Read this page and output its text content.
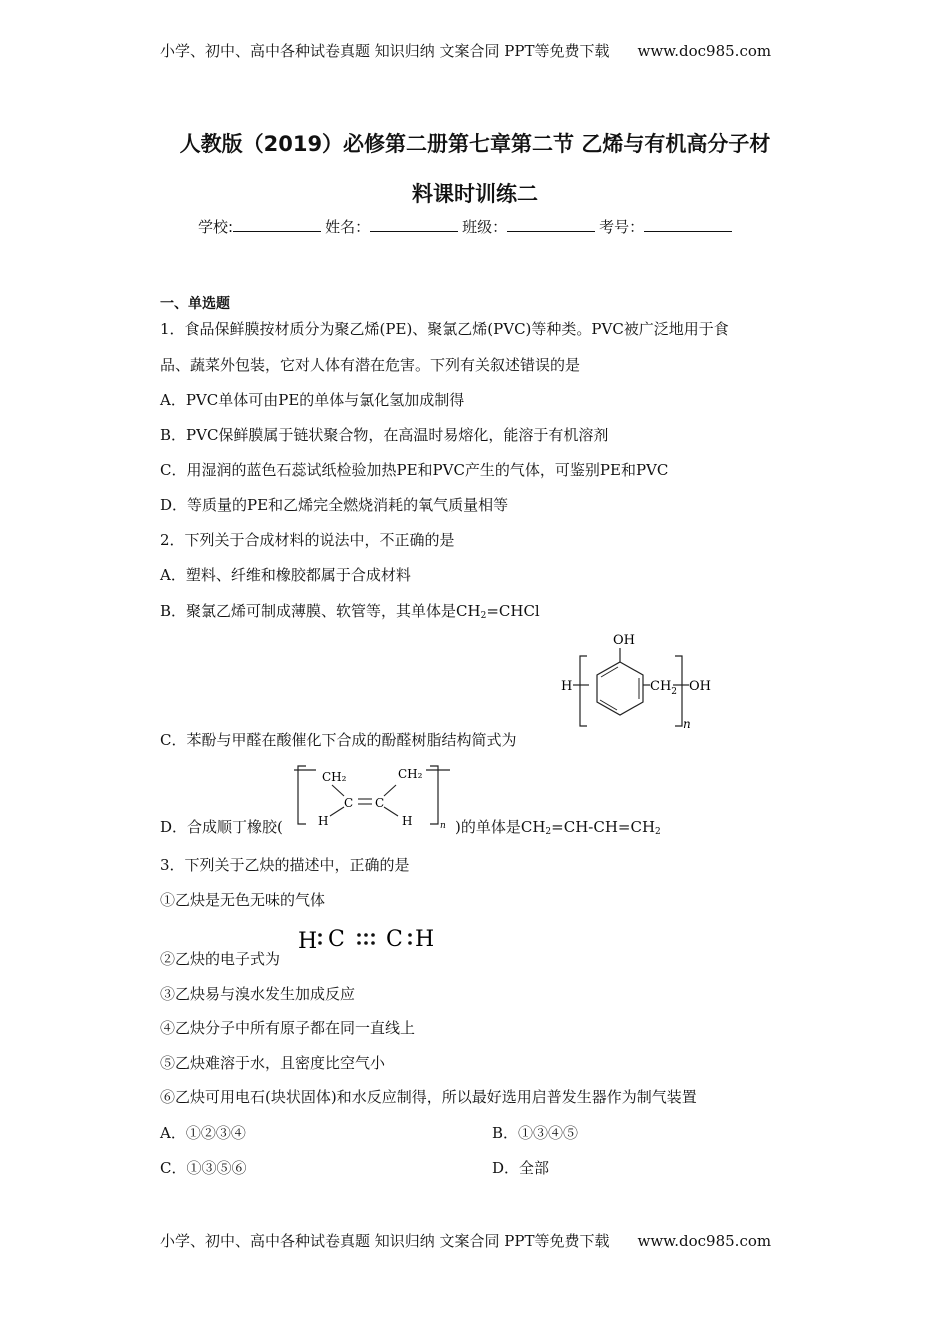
小学、初中、高中各种试卷真题 知识归纳 文案合同 PPT等免费下载 www.doc985.com
人教版（2019）必修第二册第七章第二节 乙烯与有机高分子材
料课时训练二
学校:	姓名：	班级：	考号：
一、单选题
1．食品保鲜膜按材质分为聚乙烯(PE)、聚氯乙烯(PVC)等种类。PVC被广泛地用于食
品、蔬菜外包装，它对人体有潜在危害。下列有关叙述错误的是
A．PVC单体可由PE的单体与氯化氢加成制得
B．PVC保鲜膜属于链状聚合物，在高温时易熔化，能溶于有机溶剂
C．用湿润的蓝色石蕊试纸检验加热PE和PVC产生的气体，可鉴别PE和PVC
D．等质量的PE和乙烯完全燃烧消耗的氧气质量相等
2．下列关于合成材料的说法中，不正确的是
A．塑料、纤维和橡胶都属于合成材料
B．聚氯乙烯可制成薄膜、软管等，其单体是$CH_2=CHCl$
OH
H	$CH_2$ OH
n
C．苯酚与甲醛在酸催化下合成的酚醛树脂结构简式为
D．合成顺丁橡胶(
CH₂
C C
CH₂
H	H	n )的单体是$CH_2=CH-CH=CH_2$
3．下列关于乙炔的描述中，正确的是
①乙炔是无色无味的气体
②乙炔的电子式为
H C C H
③乙炔易与溴水发生加成反应
④乙炔分子中所有原子都在同一直线上
⑤乙炔难溶于水，且密度比空气小
⑥乙炔可用电石(块状固体)和水反应制得，所以最好选用启普发生器作为制气装置
A．①②③④	B．①③④⑤
C．①③⑤⑥	D．全部
小学、初中、高中各种试卷真题 知识归纳 文案合同 PPT等免费下载 www.doc985.com
